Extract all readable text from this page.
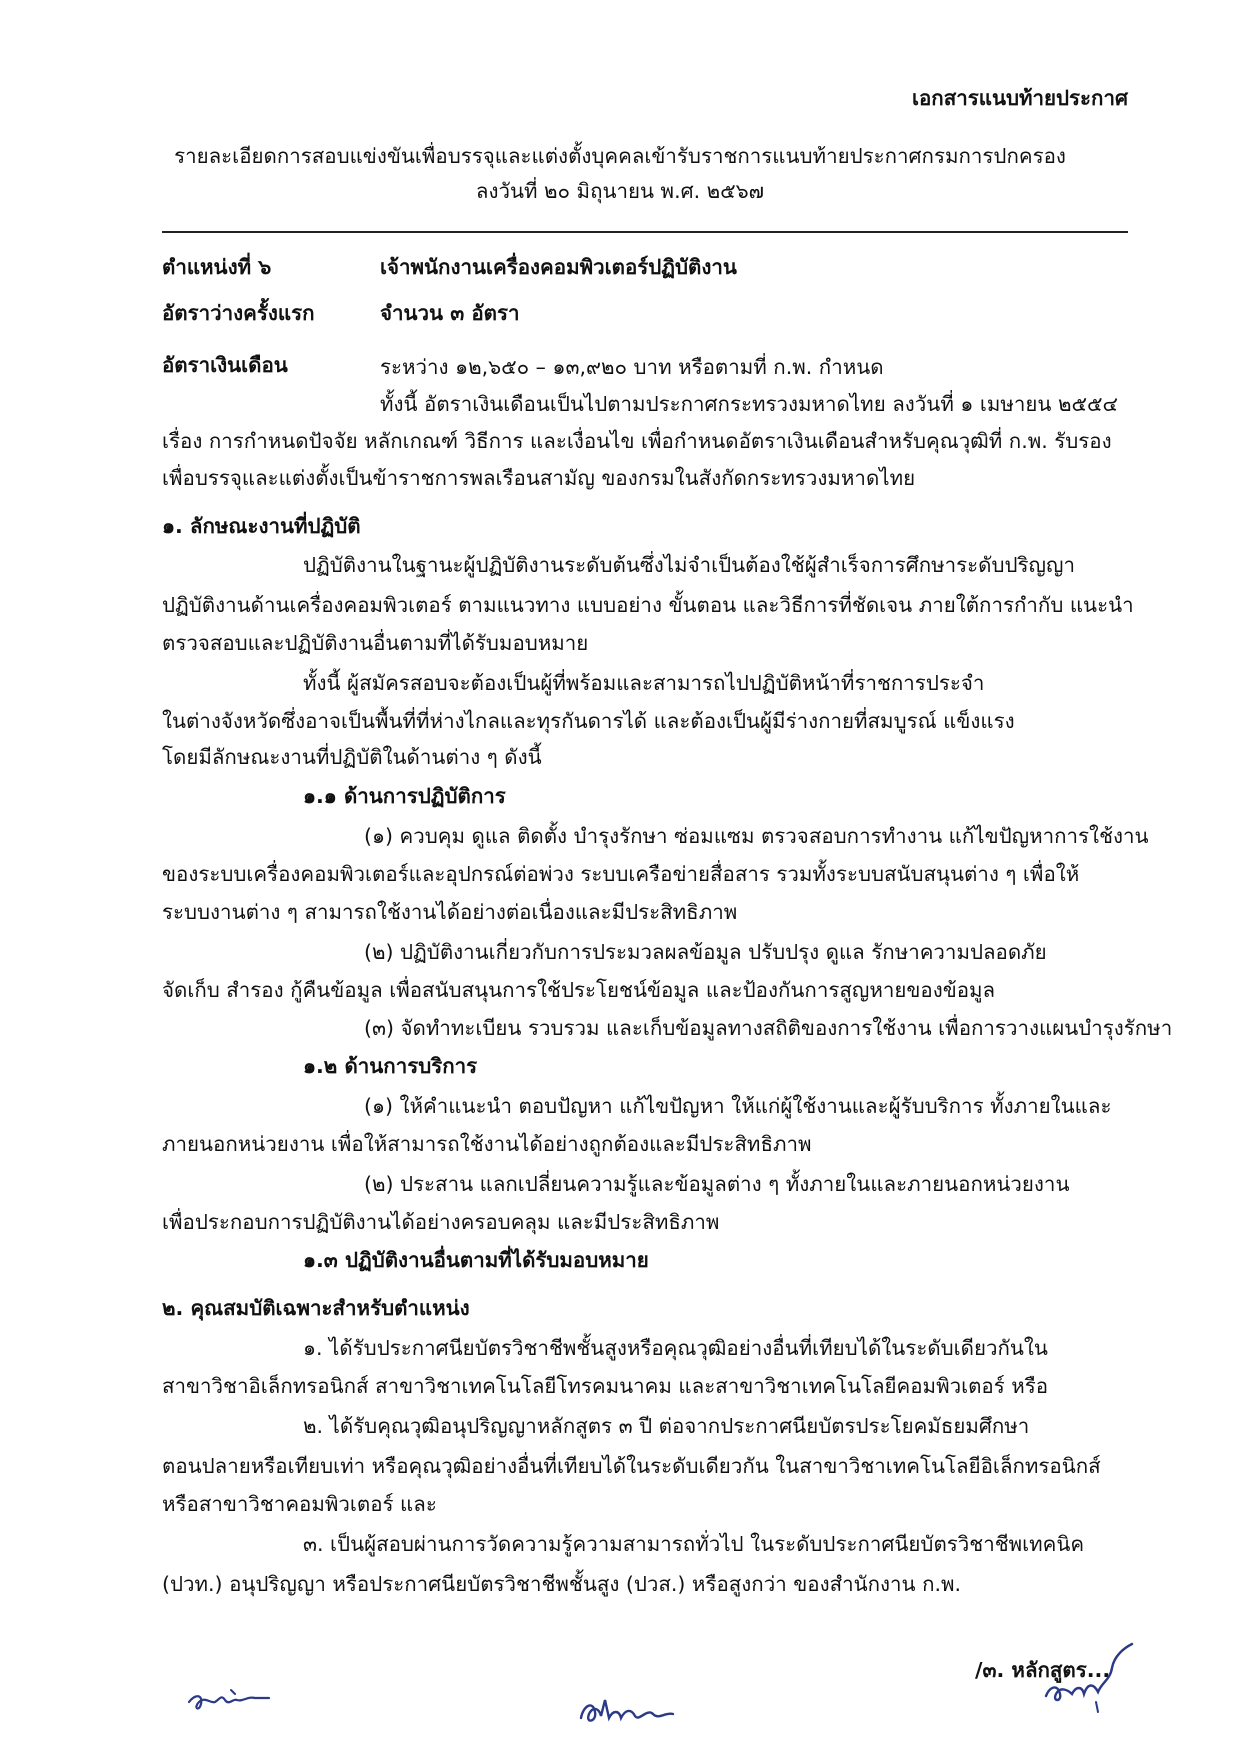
เอกสารแนบท้ายประกาศ
รายละเอียดการสอบแข่งขันเพื่อบรรจุและแต่งตั้งบุคคลเข้ารับราชการแนบท้ายประกาศกรมการปกครอง
ลงวันที่ ๒๐ มิถุนายน พ.ศ. ๒๕๖๗
ตำแหน่งที่ ๖	เจ้าพนักงานเครื่องคอมพิวเตอร์ปฏิบัติงาน
อัตราว่างครั้งแรก	จำนวน ๓ อัตรา
อัตราเงินเดือน	ระหว่าง ๑๒,๖๕๐ – ๑๓,๙๒๐ บาท หรือตามที่ ก.พ. กำหนด
ทั้งนี้ อัตราเงินเดือนเป็นไปตามประกาศกระทรวงมหาดไทย ลงวันที่ ๑ เมษายน ๒๕๕๔
เรื่อง การกำหนดปัจจัย หลักเกณฑ์ วิธีการ และเงื่อนไข เพื่อกำหนดอัตราเงินเดือนสำหรับคุณวุฒิที่ ก.พ. รับรอง
เพื่อบรรจุและแต่งตั้งเป็นข้าราชการพลเรือนสามัญ ของกรมในสังกัดกระทรวงมหาดไทย
๑. ลักษณะงานที่ปฏิบัติ
ปฏิบัติงานในฐานะผู้ปฏิบัติงานระดับต้นซึ่งไม่จำเป็นต้องใช้ผู้สำเร็จการศึกษาระดับปริญญา
ปฏิบัติงานด้านเครื่องคอมพิวเตอร์ ตามแนวทาง แบบอย่าง ขั้นตอน และวิธีการที่ชัดเจน ภายใต้การกำกับ แนะนำ
ตรวจสอบและปฏิบัติงานอื่นตามที่ได้รับมอบหมาย
ทั้งนี้ ผู้สมัครสอบจะต้องเป็นผู้ที่พร้อมและสามารถไปปฏิบัติหน้าที่ราชการประจำ
ในต่างจังหวัดซึ่งอาจเป็นพื้นที่ที่ห่างไกลและทุรกันดารได้ และต้องเป็นผู้มีร่างกายที่สมบูรณ์ แข็งแรง
โดยมีลักษณะงานที่ปฏิบัติในด้านต่าง ๆ ดังนี้
๑.๑ ด้านการปฏิบัติการ
(๑) ควบคุม ดูแล ติดตั้ง บำรุงรักษา ซ่อมแซม ตรวจสอบการทำงาน แก้ไขปัญหาการใช้งาน
ของระบบเครื่องคอมพิวเตอร์และอุปกรณ์ต่อพ่วง ระบบเครือข่ายสื่อสาร รวมทั้งระบบสนับสนุนต่าง ๆ เพื่อให้
ระบบงานต่าง ๆ สามารถใช้งานได้อย่างต่อเนื่องและมีประสิทธิภาพ
(๒) ปฏิบัติงานเกี่ยวกับการประมวลผลข้อมูล ปรับปรุง ดูแล รักษาความปลอดภัย
จัดเก็บ สำรอง กู้คืนข้อมูล เพื่อสนับสนุนการใช้ประโยชน์ข้อมูล และป้องกันการสูญหายของข้อมูล
(๓) จัดทำทะเบียน รวบรวม และเก็บข้อมูลทางสถิติของการใช้งาน เพื่อการวางแผนบำรุงรักษา
๑.๒ ด้านการบริการ
(๑) ให้คำแนะนำ ตอบปัญหา แก้ไขปัญหา ให้แก่ผู้ใช้งานและผู้รับบริการ ทั้งภายในและ
ภายนอกหน่วยงาน เพื่อให้สามารถใช้งานได้อย่างถูกต้องและมีประสิทธิภาพ
(๒) ประสาน แลกเปลี่ยนความรู้และข้อมูลต่าง ๆ ทั้งภายในและภายนอกหน่วยงาน
เพื่อประกอบการปฏิบัติงานได้อย่างครอบคลุม และมีประสิทธิภาพ
๑.๓ ปฏิบัติงานอื่นตามที่ได้รับมอบหมาย
๒. คุณสมบัติเฉพาะสำหรับตำแหน่ง
๑. ได้รับประกาศนียบัตรวิชาชีพชั้นสูงหรือคุณวุฒิอย่างอื่นที่เทียบได้ในระดับเดียวกันใน
สาขาวิชาอิเล็กทรอนิกส์ สาขาวิชาเทคโนโลยีโทรคมนาคม และสาขาวิชาเทคโนโลยีคอมพิวเตอร์ หรือ
๒. ได้รับคุณวุฒิอนุปริญญาหลักสูตร ๓ ปี ต่อจากประกาศนียบัตรประโยคมัธยมศึกษา
ตอนปลายหรือเทียบเท่า หรือคุณวุฒิอย่างอื่นที่เทียบได้ในระดับเดียวกัน ในสาขาวิชาเทคโนโลยีอิเล็กทรอนิกส์
หรือสาขาวิชาคอมพิวเตอร์ และ
๓. เป็นผู้สอบผ่านการวัดความรู้ความสามารถทั่วไป ในระดับประกาศนียบัตรวิชาชีพเทคนิค
(ปวท.) อนุปริญญา หรือประกาศนียบัตรวิชาชีพชั้นสูง (ปวส.) หรือสูงกว่า ของสำนักงาน ก.พ.
/๓. หลักสูตร...
